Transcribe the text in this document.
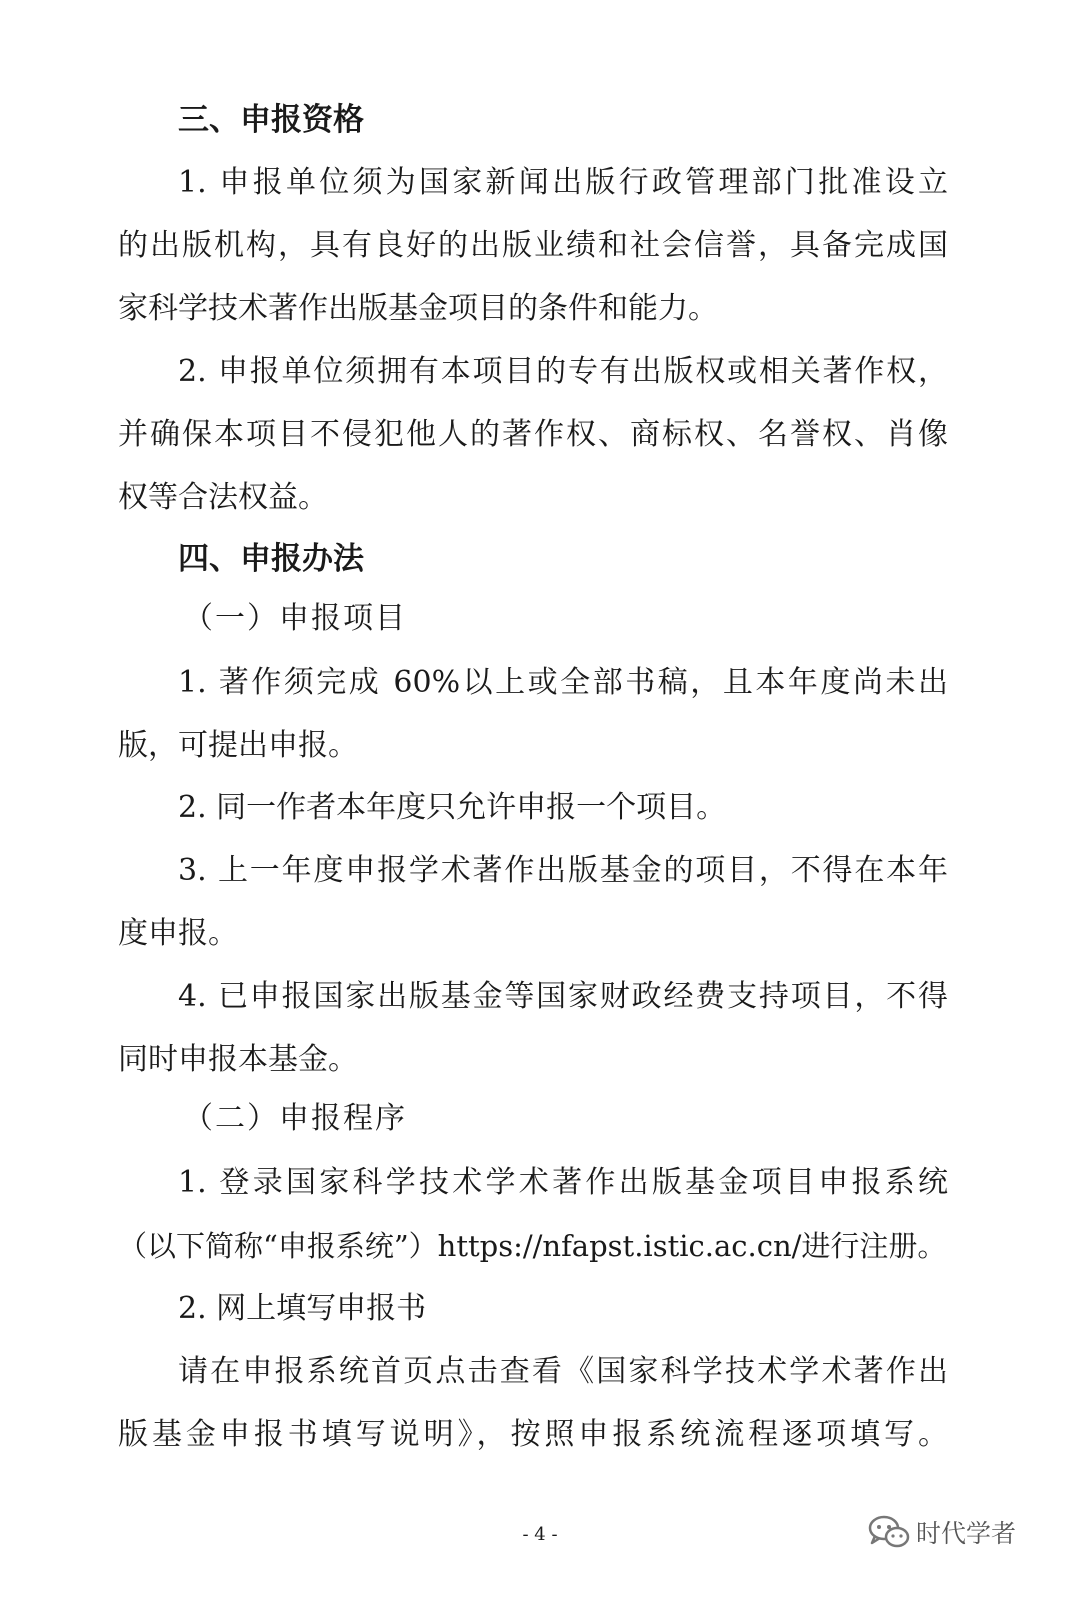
三、申报资格
1. 申报单位须为国家新闻出版行政管理部门批准设立
的出版机构，具有良好的出版业绩和社会信誉，具备完成国
家科学技术著作出版基金项目的条件和能力。
2. 申报单位须拥有本项目的专有出版权或相关著作权，
并确保本项目不侵犯他人的著作权、商标权、名誉权、肖像
权等合法权益。
四、申报办法
（一）申报项目
1. 著作须完成 60%以上或全部书稿，且本年度尚未出
版，可提出申报。
2. 同一作者本年度只允许申报一个项目。
3. 上一年度申报学术著作出版基金的项目，不得在本年
度申报。
4. 已申报国家出版基金等国家财政经费支持项目，不得
同时申报本基金。
（二）申报程序
1. 登录国家科学技术学术著作出版基金项目申报系统
（以下简称“申报系统”）https://nfapst.istic.ac.cn/进行注册。
2. 网上填写申报书
请在申报系统首页点击查看《国家科学技术学术著作出
版基金申报书填写说明》，按照申报系统流程逐项填写。
- 4 -	时代学者
